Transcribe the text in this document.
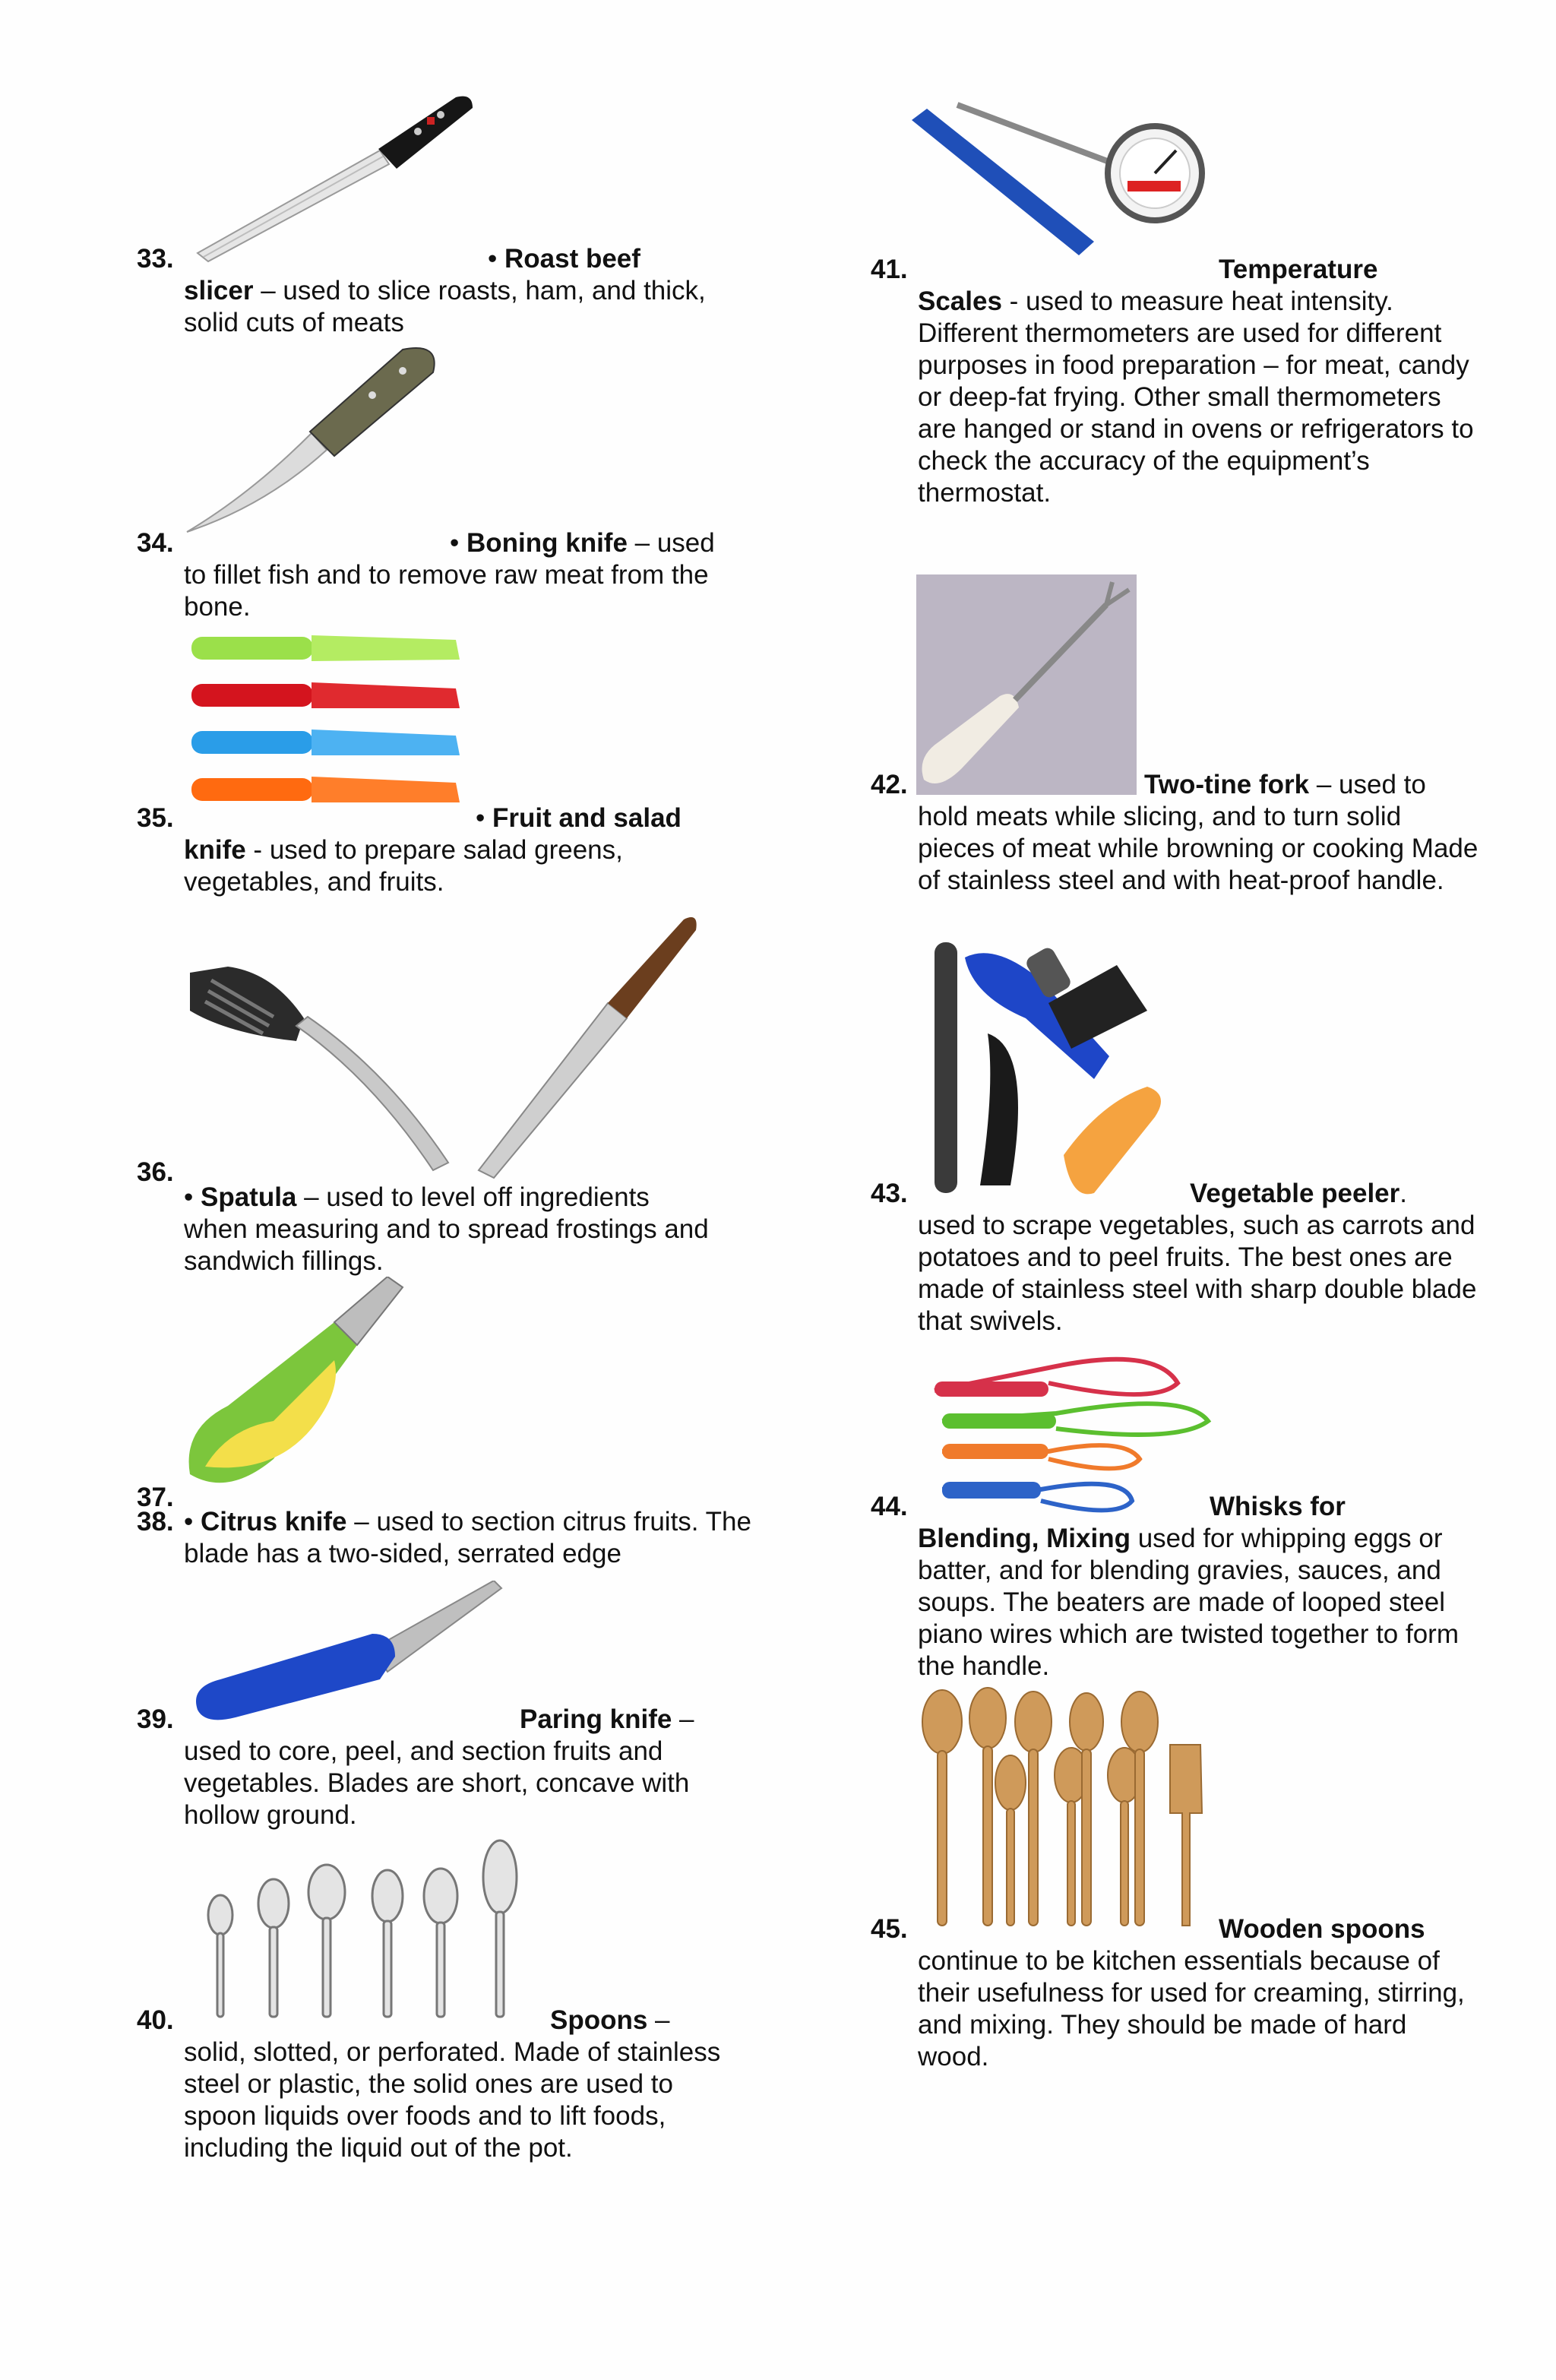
33.	• Roast beef
slicer – used to slice roasts, ham, and thick, solid cuts of meats
34.	• Boning knife – used
to fillet fish and to remove raw meat from the bone.
35.	• Fruit and salad
knife - used to prepare salad greens, vegetables, and fruits.
36.
• Spatula – used to level off ingredients when measuring and to spread frostings and sandwich fillings.
37.
38. • Citrus knife – used to section citrus fruits. The blade has a two-sided, serrated edge
39.	Paring knife –
used to core, peel, and section fruits and vegetables. Blades are short, concave with hollow ground.
40.	Spoons –
solid, slotted, or perforated. Made of stainless steel or plastic, the solid ones are used to spoon liquids over foods and to lift foods, including the liquid out of the pot.
41.	Temperature
Scales - used to measure heat intensity. Different thermometers are used for different purposes in food preparation – for meat, candy or deep-fat frying. Other small thermometers are hanged or stand in ovens or refrigerators to check the accuracy of the equipment’s thermostat.
42.	Two-tine fork – used to
hold meats while slicing, and to turn solid pieces of meat while browning or cooking Made of stainless steel and with heat-proof handle.
43.	Vegetable peeler.
used to scrape vegetables, such as carrots and potatoes and to peel fruits. The best ones are made of stainless steel with sharp double blade that swivels.
44.	Whisks for
Blending, Mixing used for whipping eggs or batter, and for blending gravies, sauces, and soups. The beaters are made of looped steel piano wires which are twisted together to form the handle.
45.	Wooden spoons
continue to be kitchen essentials because of their usefulness for used for creaming, stirring, and mixing. They should be made of hard wood.
